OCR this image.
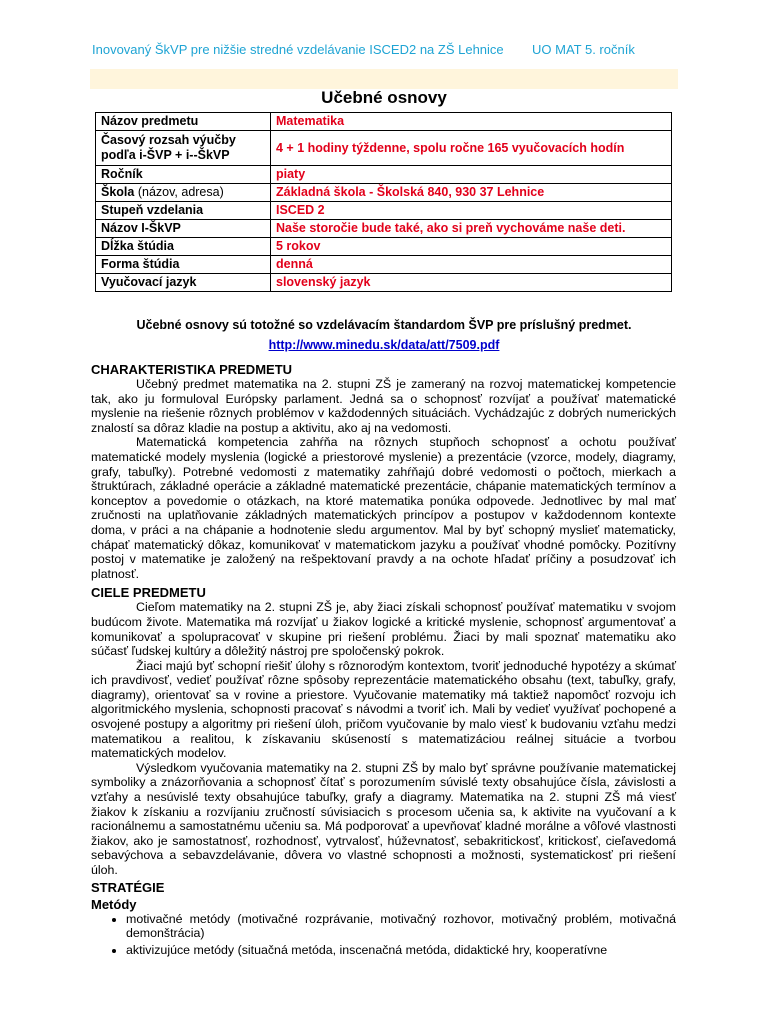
Inovovaný ŠkVP pre nižšie stredné vzdelávanie ISCED2 na ZŠ Lehnice	UO MAT 5. ročník
Učebné osnovy
Názov predmetu	Matematika
Časový rozsah výučby podľa i-ŠVP + i--ŠkVP	4 + 1 hodiny týždenne, spolu ročne 165 vyučovacích hodín
Ročník	piaty
Škola (názov, adresa)	Základná škola - Školská 840, 930 37 Lehnice
Stupeň vzdelania	ISCED 2
Názov I-ŠkVP	Naše storočie bude také, ako si preň vychováme naše deti.
Dĺžka štúdia	5 rokov
Forma štúdia	denná
Vyučovací jazyk	slovenský jazyk
Učebné osnovy sú totožné so vzdelávacím štandardom ŠVP pre príslušný predmet.
http://www.minedu.sk/data/att/7509.pdf
CHARAKTERISTIKA PREDMETU

Učebný predmet matematika na 2. stupni ZŠ je zameraný na rozvoj matematickej kompetencie tak, ako ju formuloval Európsky parlament. Jedná sa o schopnosť rozvíjať a používať matematické myslenie na riešenie rôznych problémov v každodenných situáciách. Vychádzajúc z dobrých numerických znalostí sa dôraz kladie na postup a aktivitu, ako aj na vedomosti.

Matematická kompetencia zahŕňa na rôznych stupňoch schopnosť a ochotu používať matematické modely myslenia (logické a priestorové myslenie) a prezentácie (vzorce, modely, diagramy, grafy, tabuľky). Potrebné vedomosti z matematiky zahŕňajú dobré vedomosti o počtoch, mierkach a štruktúrach, základné operácie a základné matematické prezentácie, chápanie matematických termínov a konceptov a povedomie o otázkach, na ktoré matematika ponúka odpovede. Jednotlivec by mal mať zručnosti na uplatňovanie základných matematických princípov a postupov v každodennom kontexte doma, v práci a na chápanie a hodnotenie sledu argumentov. Mal by byť schopný myslieť matematicky, chápať matematický dôkaz, komunikovať v matematickom jazyku a používať vhodné pomôcky. Pozitívny postoj v matematike je založený na rešpektovaní pravdy a na ochote hľadať príčiny a posudzovať ich platnosť.

CIELE PREDMETU

Cieľom matematiky na 2. stupni ZŠ je, aby žiaci získali schopnosť používať matematiku v svojom budúcom živote. Matematika má rozvíjať u žiakov logické a kritické myslenie, schopnosť argumentovať a komunikovať a spolupracovať v skupine pri riešení problému. Žiaci by mali spoznať matematiku ako súčasť ľudskej kultúry a dôležitý nástroj pre spoločenský pokrok.

Žiaci majú byť schopní riešiť úlohy s rôznorodým kontextom, tvoriť jednoduché hypotézy a skúmať ich pravdivosť, vedieť používať rôzne spôsoby reprezentácie matematického obsahu (text, tabuľky, grafy, diagramy), orientovať sa v rovine a priestore. Vyučovanie matematiky má taktiež napomôcť rozvoju ich algoritmického myslenia, schopnosti pracovať s návodmi a tvoriť ich. Mali by vedieť využívať pochopené a osvojené postupy a algoritmy pri riešení úloh, pričom vyučovanie by malo viesť k budovaniu vzťahu medzi matematikou a realitou, k získavaniu skúseností s matematizáciou reálnej situácie a tvorbou matematických modelov.

Výsledkom vyučovania matematiky na 2. stupni ZŠ by malo byť správne používanie matematickej symboliky a znázorňovania a schopnosť čítať s porozumením súvislé texty obsahujúce čísla, závislosti a vzťahy a nesúvislé texty obsahujúce tabuľky, grafy a diagramy. Matematika na 2. stupni ZŠ má viesť žiakov k získaniu a rozvíjaniu zručností súvisiacich s procesom učenia sa, k aktivite na vyučovaní a k racionálnemu a samostatnému učeniu sa. Má podporovať a upevňovať kladné morálne a vôľové vlastnosti žiakov, ako je samostatnosť, rozhodnosť, vytrvalosť, húževnatosť, sebakritickosť, kritickosť, cieľavedomá sebavýchova a sebavzdelávanie, dôvera vo vlastné schopnosti a možnosti, systematickosť pri riešení úloh.

STRATÉGIE
Metódy
• motivačné metódy (motivačné rozprávanie, motivačný rozhovor, motivačný problém, motivačná demonštrácia)
• aktivizujúce metódy (situačná metóda, inscenačná metóda, didaktické hry, kooperatívne
